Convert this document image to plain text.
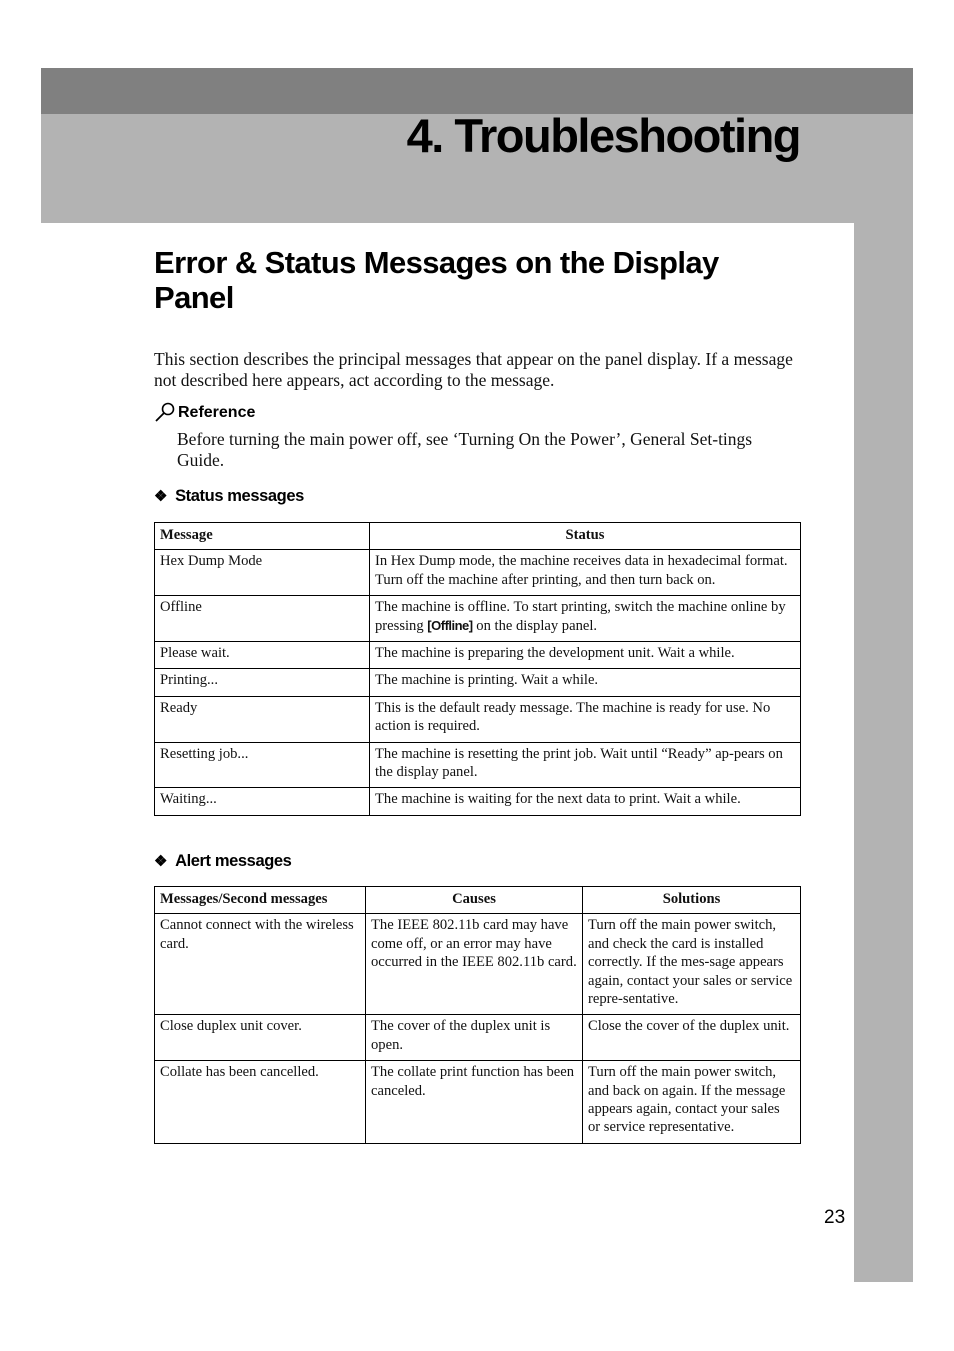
4. Troubleshooting
Error & Status Messages on the Display Panel

This section describes the principal messages that appear on the panel display. If a message not described here appears, act according to the message.

Reference

Before turning the main power off, see ‘Turning On the Power’, General Set-tings Guide.

❖ Status messages
Message	Status
Hex Dump Mode	In Hex Dump mode, the machine receives data in hexadecimal format. Turn off the machine after printing, and then turn back on.
Offline	The machine is offline. To start printing, switch the machine online by pressing [Offline] on the display panel.
Please wait.	The machine is preparing the development unit. Wait a while.
Printing...	The machine is printing. Wait a while.
Ready	This is the default ready message. The machine is ready for use. No action is required.
Resetting job...	The machine is resetting the print job. Wait until “Ready” ap-pears on the display panel.
Waiting...	The machine is waiting for the next data to print. Wait a while.
❖ Alert messages
Messages/Second messages	Causes	Solutions
Cannot connect with the wireless card.	The IEEE 802.11b card may have come off, or an error may have occurred in the IEEE 802.11b card.	Turn off the main power switch, and check the card is installed correctly. If the mes-sage appears again, contact your sales or service repre-sentative.
Close duplex unit cover.	The cover of the duplex unit is open.	Close the cover of the duplex unit.
Collate has been cancelled.	The collate print function has been canceled.	Turn off the main power switch, and back on again. If the message appears again, contact your sales or service representative.
23
